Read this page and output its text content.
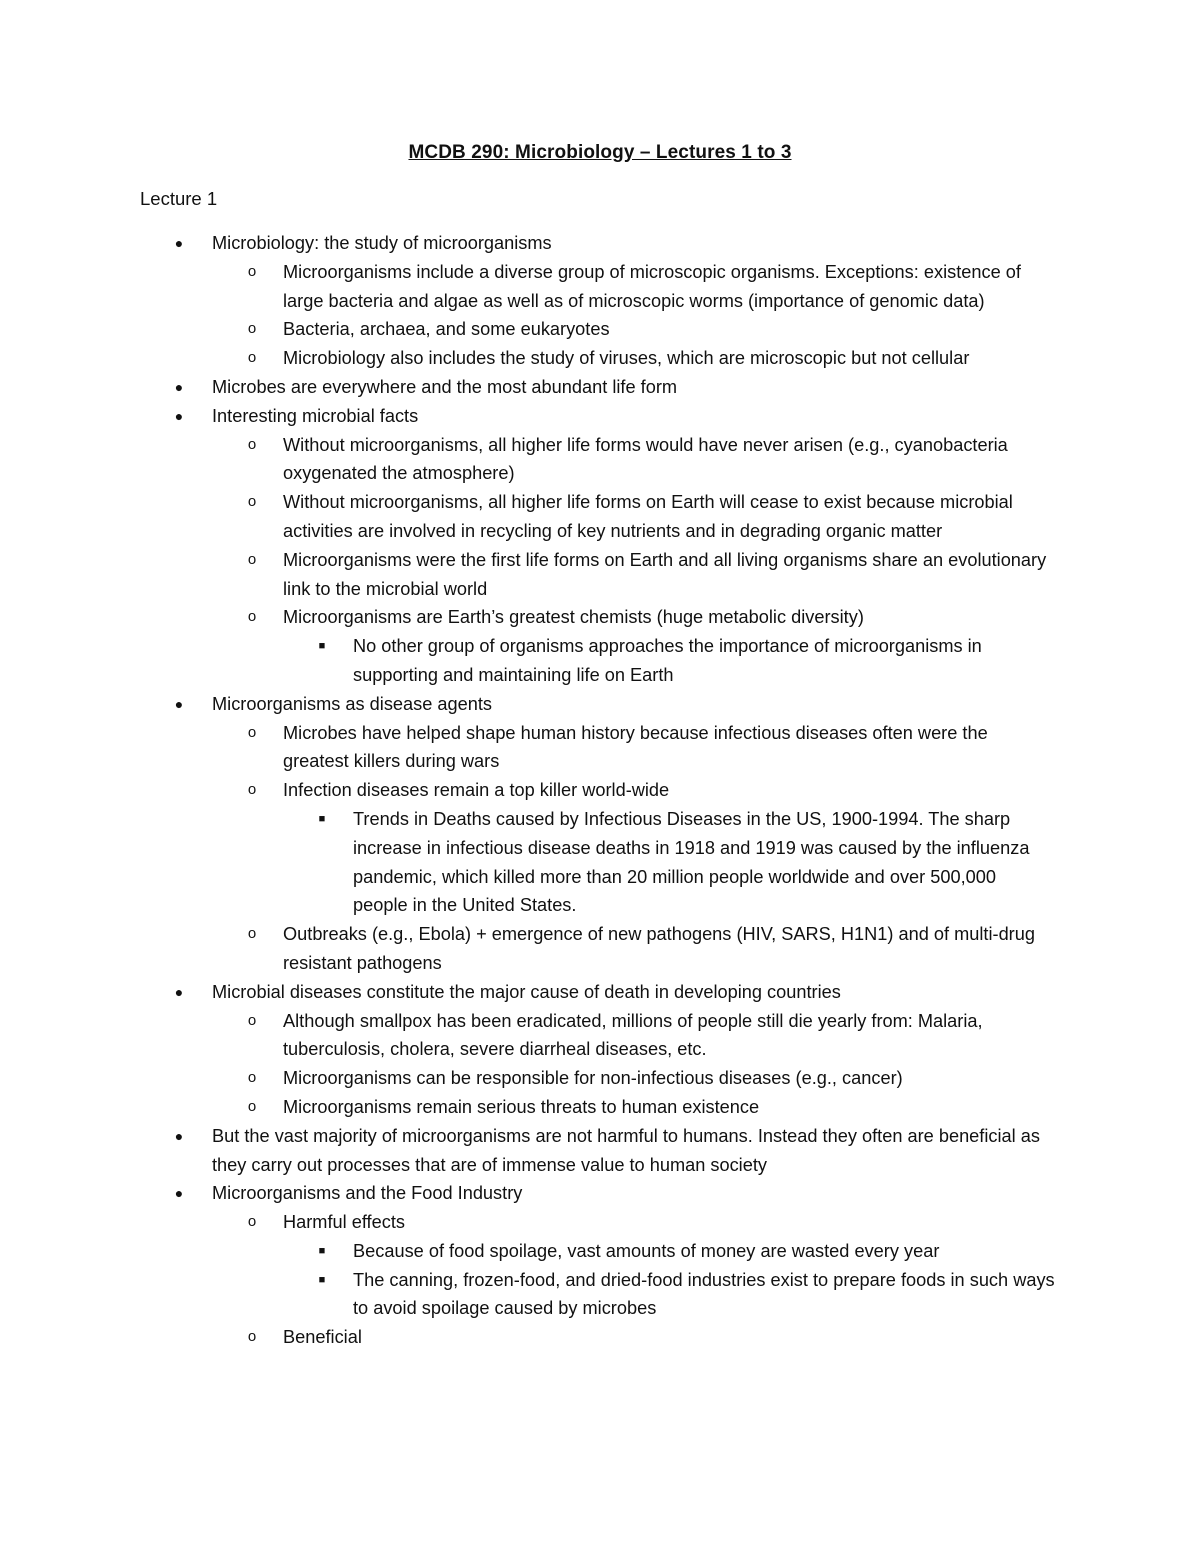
MCDB 290: Microbiology – Lectures 1 to 3
Lecture 1
● Microbiology: the study of microorganisms
o Microorganisms include a diverse group of microscopic organisms. Exceptions: existence of large bacteria and algae as well as of microscopic worms (importance of genomic data)
o Bacteria, archaea, and some eukaryotes
o Microbiology also includes the study of viruses, which are microscopic but not cellular
● Microbes are everywhere and the most abundant life form
● Interesting microbial facts
o Without microorganisms, all higher life forms would have never arisen (e.g., cyanobacteria oxygenated the atmosphere)
o Without microorganisms, all higher life forms on Earth will cease to exist because microbial activities are involved in recycling of key nutrients and in degrading organic matter
o Microorganisms were the first life forms on Earth and all living organisms share an evolutionary link to the microbial world
o Microorganisms are Earth’s greatest chemists (huge metabolic diversity)
■ No other group of organisms approaches the importance of microorganisms in supporting and maintaining life on Earth
● Microorganisms as disease agents
o Microbes have helped shape human history because infectious diseases often were the greatest killers during wars
o Infection diseases remain a top killer world-wide
■ Trends in Deaths caused by Infectious Diseases in the US, 1900-1994. The sharp increase in infectious disease deaths in 1918 and 1919 was caused by the influenza pandemic, which killed more than 20 million people worldwide and over 500,000 people in the United States.
o Outbreaks (e.g., Ebola) + emergence of new pathogens (HIV, SARS, H1N1) and of multi-drug resistant pathogens
● Microbial diseases constitute the major cause of death in developing countries
o Although smallpox has been eradicated, millions of people still die yearly from: Malaria, tuberculosis, cholera, severe diarrheal diseases, etc.
o Microorganisms can be responsible for non-infectious diseases (e.g., cancer)
o Microorganisms remain serious threats to human existence
● But the vast majority of microorganisms are not harmful to humans. Instead they often are beneficial as they carry out processes that are of immense value to human society
● Microorganisms and the Food Industry
o Harmful effects
■ Because of food spoilage, vast amounts of money are wasted every year
■ The canning, frozen-food, and dried-food industries exist to prepare foods in such ways to avoid spoilage caused by microbes
o Beneficial
